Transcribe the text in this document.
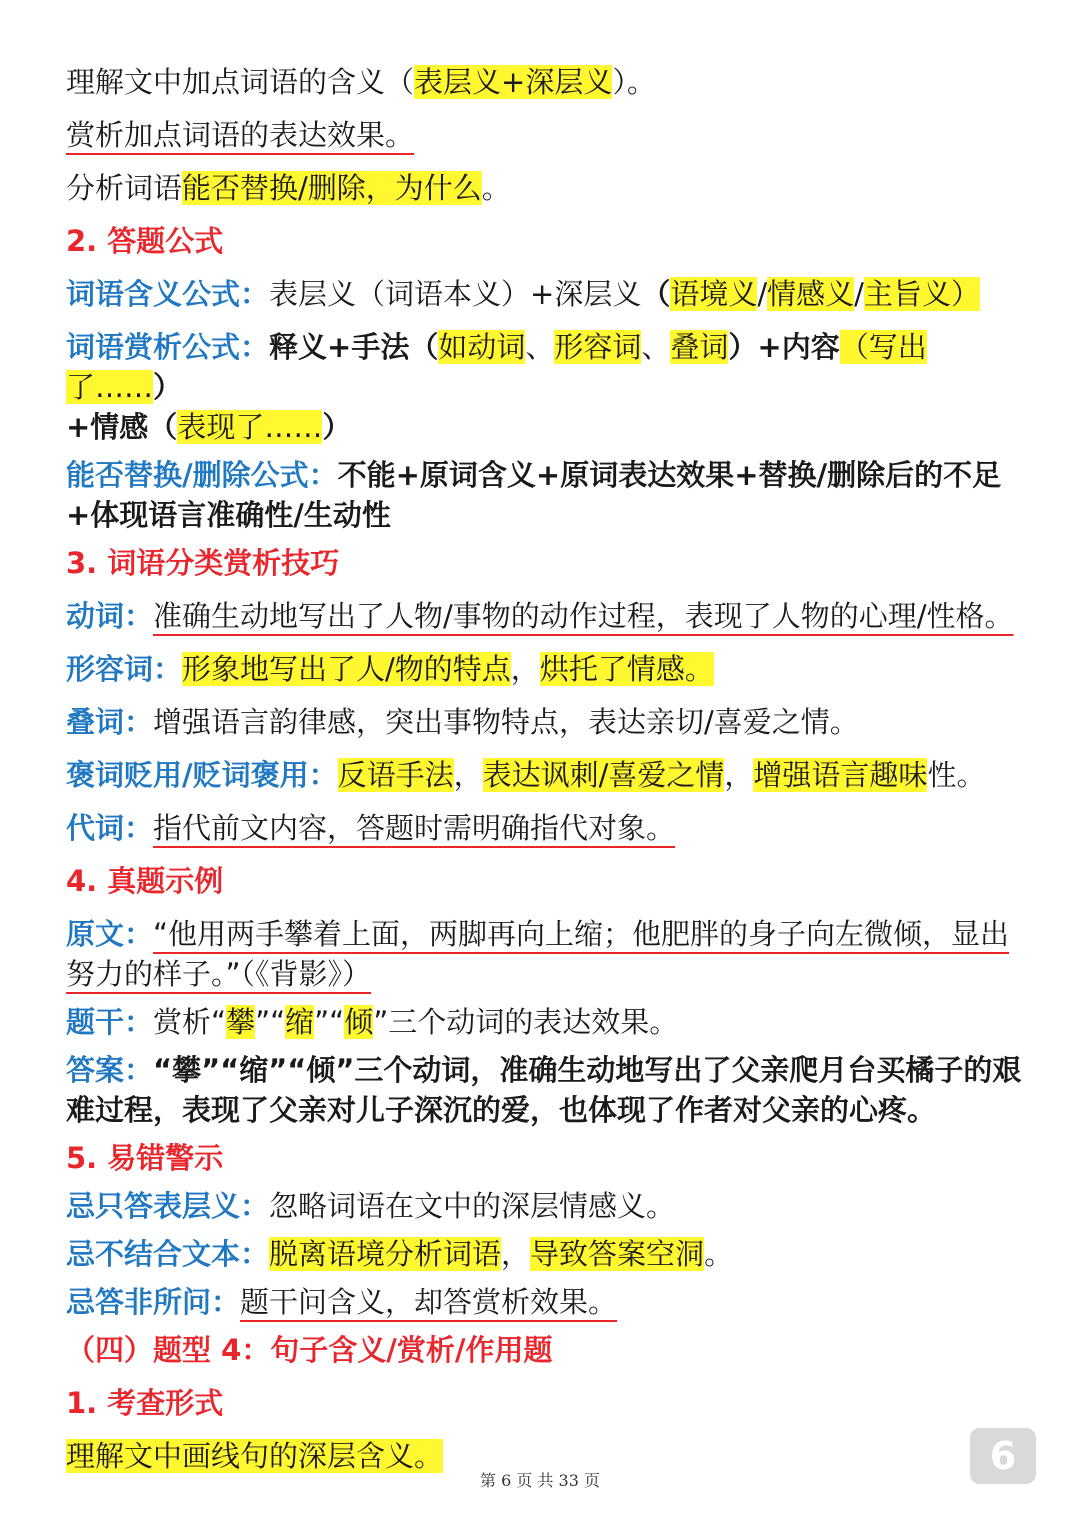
理解文中加点词语的含义（表层义+深层义）。

赏析加点词语的表达效果。

分析词语能否替换/删除，为什么。

2. 答题公式

词语含义公式：表层义（词语本义）+深层义（语境义/情感义/主旨义）

词语赏析公式：释义+手法（如动词、形容词、叠词）+内容（写出了……）
+情感（表现了……）

能否替换/删除公式：不能+原词含义+原词表达效果+替换/删除后的不足+体现语言准确性/生动性

3. 词语分类赏析技巧

动词：准确生动地写出了人物/事物的动作过程，表现了人物的心理/性格。

形容词：形象地写出了人/物的特点，烘托了情感。

叠词：增强语言韵律感，突出事物特点，表达亲切/喜爱之情。

褒词贬用/贬词褒用：反语手法，表达讽刺/喜爱之情，增强语言趣味性。

代词：指代前文内容，答题时需明确指代对象。

4. 真题示例

原文：“他用两手攀着上面，两脚再向上缩；他肥胖的身子向左微倾，显出努力的样子。”（《背影》）

题干：赏析“攀”“缩”“倾”三个动词的表达效果。

答案：“攀”“缩”“倾”三个动词，准确生动地写出了父亲爬月台买橘子的艰难过程，表现了父亲对儿子深沉的爱，也体现了作者对父亲的心疼。

5. 易错警示

忌只答表层义：忽略词语在文中的深层情感义。

忌不结合文本：脱离语境分析词语，导致答案空洞。

忌答非所问：题干问含义，却答赏析效果。

（四）题型 4：句子含义/赏析/作用题

1. 考查形式

理解文中画线句的深层含义。	6
第 6 页 共 33 页
